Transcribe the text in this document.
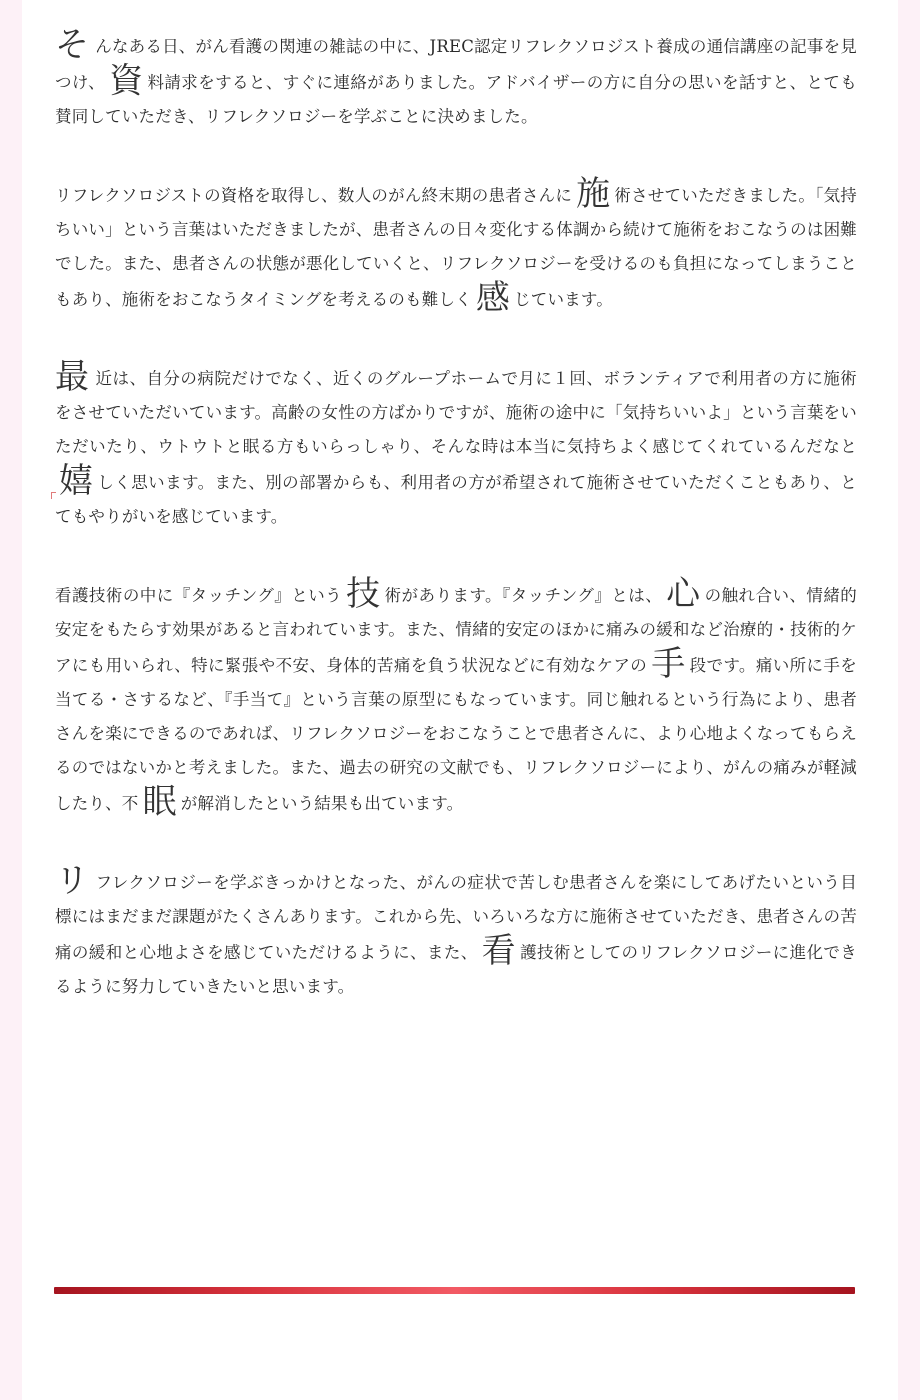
そんなある日、がん看護の関連の雑誌の中に、JREC認定リフレクソロジスト養成の通信講座の記事を見つけ、 資 料請求をすると、すぐに連絡がありました。アドバイザーの方に自分の思いを話すと、とても賛同していただき、リフレクソロジーを学ぶことに決めました。

リフレクソロジストの資格を取得し、数人のがん終末期の患者さんに 施 術させていただきました。「気持ちいい」という言葉はいただきましたが、患者さんの日々変化する体調から続けて施術をおこなうのは困難でした。また、患者さんの状態が悪化していくと、リフレクソロジーを受けるのも負担になってしまうこともあり、施術をおこなうタイミングを考えるのも難しく 感 じています。

最近は、自分の病院だけでなく、近くのグループホームで月に１回、ボランティアで利用者の方に施術をさせていただいています。高齢の女性の方ばかりですが、施術の途中に「気持ちいいよ」という言葉をいただいたり、ウトウトと眠る方もいらっしゃり、そんな時は本当に気持ちよく感じてくれているんだなと嬉 しく思います。また、別の部署からも、利用者の方が希望されて施術させていただくこともあり、とてもやりがいを感じています。

看護技術の中に『タッチング』という 技 術があります。『タッチング』とは、 心 の触れ合い、情緒的安定をもたらす効果があると言われています。また、情緒的安定のほかに痛みの緩和など治療的・技術的ケアにも用いられ、特に緊張や不安、身体的苦痛を負う状況などに有効なケアの 手 段です。痛い所に手を当てる・さするなど、『手当て』という言葉の原型にもなっています。同じ触れるという行為により、患者さんを楽にできるのであれば、リフレクソロジーをおこなうことで患者さんに、より心地よくなってもらえるのではないかと考えました。また、過去の研究の文献でも、リフレクソロジーにより、がんの痛みが軽減したり、不 眠 が解消したという結果も出ています。

リフレクソロジーを学ぶきっかけとなった、がんの症状で苦しむ患者さんを楽にしてあげたいという目標にはまだまだ課題がたくさんあります。これから先、いろいろな方に施術させていただき、患者さんの苦痛の緩和と心地よさを感じていただけるように、また、 看 護技術としてのリフレクソロジーに進化できるように努力していきたいと思います。
